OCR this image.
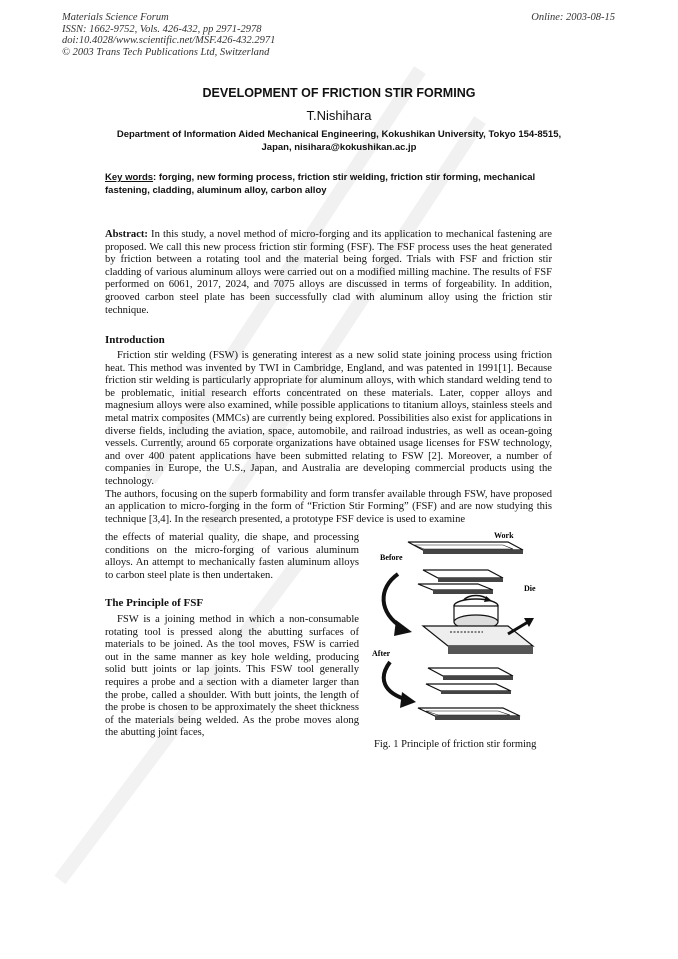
Materials Science Forum
ISSN: 1662-9752, Vols. 426-432, pp 2971-2978
doi:10.4028/www.scientific.net/MSF.426-432.2971
© 2003 Trans Tech Publications Ltd, Switzerland
Online: 2003-08-15
DEVELOPMENT OF FRICTION STIR FORMING
T.Nishihara
Department of Information Aided Mechanical Engineering, Kokushikan University, Tokyo 154-8515,
Japan, nisihara@kokushikan.ac.jp
Key words: forging, new forming process, friction stir welding, friction stir forming, mechanical fastening, cladding, aluminum alloy, carbon alloy
Abstract: In this study, a novel method of micro-forging and its application to mechanical fastening are proposed. We call this new process friction stir forming (FSF). The FSF process uses the heat generated by friction between a rotating tool and the material being forged. Trials with FSF and friction stir cladding of various aluminum alloys were carried out on a modified milling machine. The results of FSF performed on 6061, 2017, 2024, and 7075 alloys are discussed in terms of forgeability. In addition, grooved carbon steel plate has been successfully clad with aluminum alloy using the friction stir technique.
Introduction

Friction stir welding (FSW) is generating interest as a new solid state joining process using friction heat. This method was invented by TWI in Cambridge, England, and was patented in 1991[1]. Because friction stir welding is particularly appropriate for aluminum alloys, with which standard welding tend to be problematic, initial research efforts concentrated on these materials. Later, copper alloys and magnesium alloys were also examined, while possible applications to titanium alloys, stainless steels and metal matrix composites (MMCs) are currently being explored. Possibilities also exist for applications in diverse fields, including the aviation, space, automobile, and railroad industries, as well as ocean-going vessels. Currently, around 65 corporate organizations have obtained usage licenses for FSW technology, and over 400 patent applications have been submitted relating to FSW [2]. Moreover, a number of companies in Europe, the U.S., Japan, and Australia are developing commercial products using the technology.

The authors, focusing on the superb formability and form transfer available through FSW, have proposed an application to micro-forging in the form of “Friction Stir Forming” (FSF) and are now studying this technique [3,4]. In the research presented, a prototype FSF device is used to examine

the effects of material quality, die shape, and processing conditions on the micro-forging of various aluminum alloys. An attempt to mechanically fasten aluminum alloys to carbon steel plate is then undertaken.
The Principle of FSF
FSW is a joining method in which a non-consumable rotating tool is pressed along the abutting surfaces of materials to be joined. As the tool moves, FSW is carried out in the same manner as key hole welding, producing solid butt joints or lap joints. This FSW tool generally requires a probe and a section with a diameter larger than the probe, called a shoulder. With butt joints, the length of the probe is chosen to be approximately the sheet thickness of the materials being welded. As the probe moves along the abutting joint faces,
Work
Before
Die
After
Fig. 1 Principle of friction stir forming
